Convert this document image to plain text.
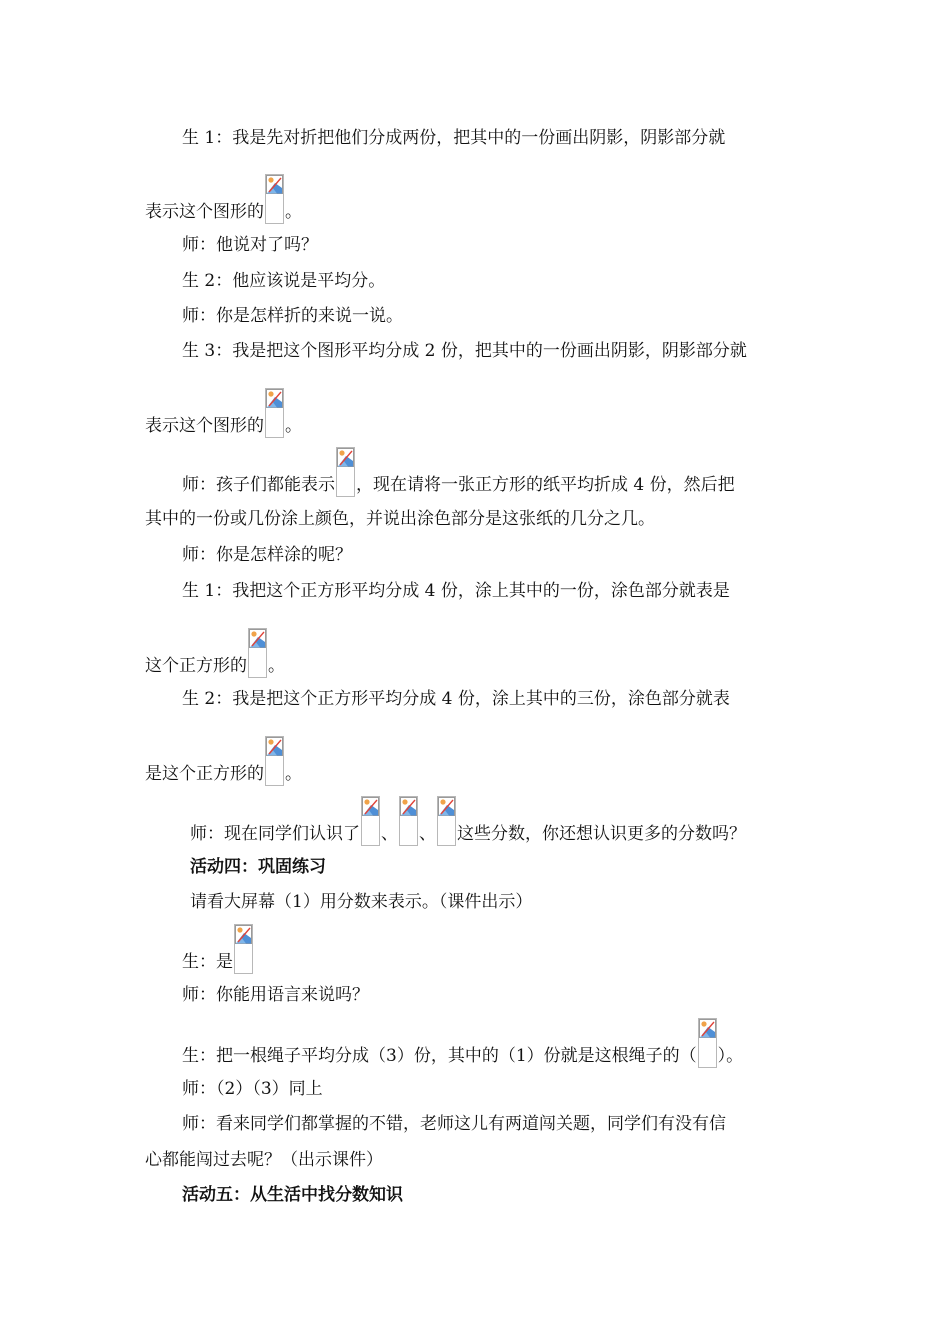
生 1：我是先对折把他们分成两份，把其中的一份画出阴影，阴影部分就
表示这个图形的 。
师：他说对了吗？
生 2：他应该说是平均分。
师：你是怎样折的来说一说。
生 3：我是把这个图形平均分成 2 份，把其中的一份画出阴影，阴影部分就
表示这个图形的 。
师：孩子们都能表示 ，现在请将一张正方形的纸平均折成 4 份，然后把
其中的一份或几份涂上颜色，并说出涂色部分是这张纸的几分之几。
师：你是怎样涂的呢？
生 1：我把这个正方形平均分成 4 份，涂上其中的一份，涂色部分就表是
这个正方形的 。
生 2：我是把这个正方形平均分成 4 份，涂上其中的三份，涂色部分就表
是这个正方形的 。
师：现在同学们认识了 、 、 这些分数，你还想认识更多的分数吗？
活动四：巩固练习
请看大屏幕（1）用分数来表示。（课件出示）
生：是
师：你能用语言来说吗？
生：把一根绳子平均分成（3）份，其中的（1）份就是这根绳子的（ ）。
师：（2）（3）同上
师：看来同学们都掌握的不错，老师这儿有两道闯关题，同学们有没有信
心都能闯过去呢？（出示课件）
活动五：从生活中找分数知识
